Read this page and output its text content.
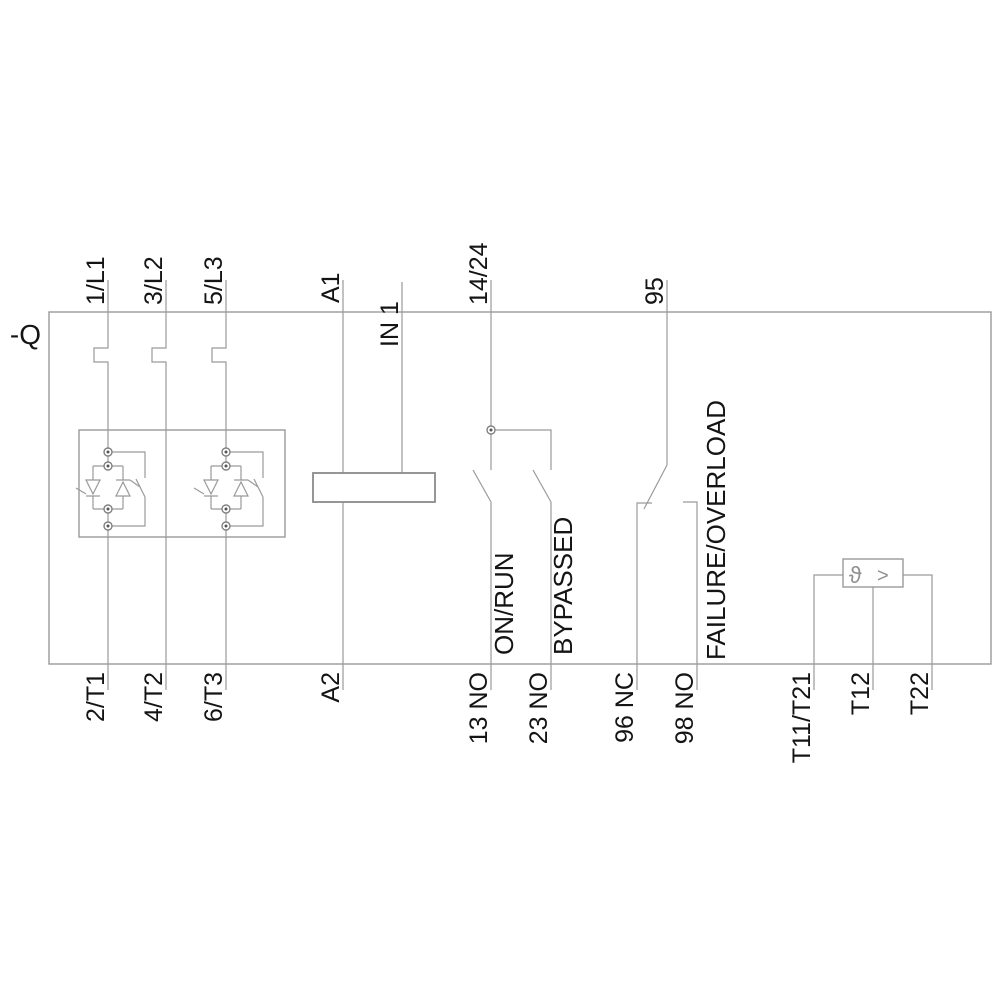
ϑ >
-Q
1/L1 3/L2 5/L3	A1
IN 1
14/24	95
2/T1 4/T2 6/T3	A2	13 NO 23 NO 96 NC 98 NO	T11/T21 T12 T22
ON/RUN BYPASSED	FAILURE/OVERLOAD
